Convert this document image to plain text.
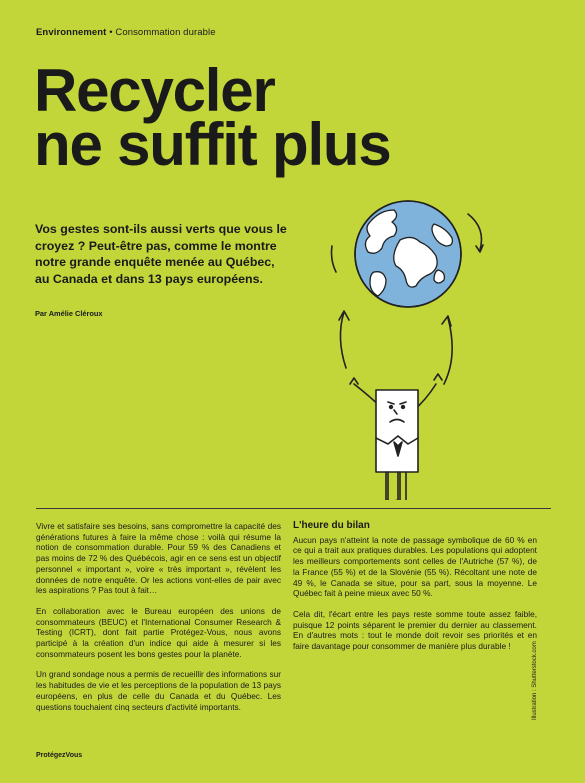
Environnement • Consommation durable
Recycler
ne suffit plus

Vos gestes sont-ils aussi verts que vous le croyez ? Peut-être pas, comme le montre notre grande enquête menée au Québec, au Canada et dans 13 pays européens.

Par Amélie Cléroux

Vivre et satisfaire ses besoins, sans compromettre la capacité des générations futures à faire la même chose : voilà qui résume la notion de consommation durable. Pour 59 % des Canadiens et pas moins de 72 % des Québécois, agir en ce sens est un objectif personnel « important », voire « très important », révèlent les données de notre enquête. Or les actions vont-elles de pair avec les aspirations ? Pas tout à fait…

En collaboration avec le Bureau européen des unions de consommateurs (BEUC) et l'International Consumer Research & Testing (ICRT), dont fait partie Protégez-Vous, nous avons participé à la création d'un indice qui aide à mesurer si les consommateurs posent les bons gestes pour la planète.

Un grand sondage nous a permis de recueillir des informations sur les habitudes de vie et les perceptions de la population de 13 pays européens, en plus de celle du Canada et du Québec. Les questions touchaient cinq secteurs d'activité importants.

L'heure du bilan

Aucun pays n'atteint la note de passage symbolique de 60 % en ce qui a trait aux pratiques durables. Les populations qui adoptent les meilleurs comportements sont celles de l'Autriche (57 %), de la France (55 %) et de la Slovénie (55 %). Récoltant une note de 49 %, le Canada se situe, pour sa part, sous la moyenne. Le Québec fait à peine mieux avec 50 %.

Cela dit, l'écart entre les pays reste somme toute assez faible, puisque 12 points séparent le premier du dernier au classement. En d'autres mots : tout le monde doit revoir ses priorités et en faire davantage pour consommer de manière plus durable !	Illustration : Shutterstock.com
ProtégezVous
